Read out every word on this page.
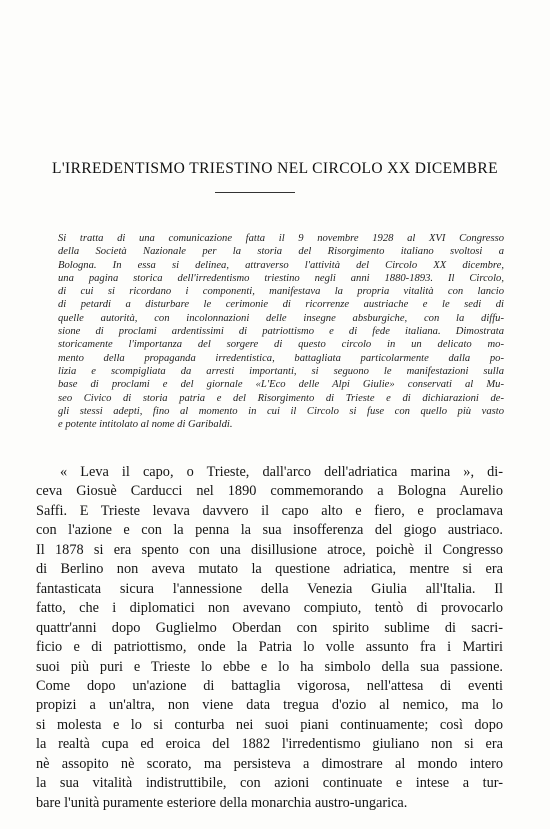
L'IRREDENTISMO TRIESTINO NEL CIRCOLO XX DICEMBRE
Si tratta di una comunicazione fatta il 9 novembre 1928 al XVI Congresso
della Società Nazionale per la storia del Risorgimento italiano svoltosi a
Bologna. In essa si delinea, attraverso l'attività del Circolo XX dicembre,
una pagina storica dell'irredentismo triestino negli anni 1880-1893. Il Circolo,
di cui si ricordano i componenti, manifestava la propria vitalità con lancio
di petardi a disturbare le cerimonie di ricorrenze austriache e le sedi di
quelle autorità, con incolonnazioni delle insegne absburgiche, con la diffu-
sione di proclami ardentissimi di patriottismo e di fede italiana. Dimostrata
storicamente l'importanza del sorgere di questo circolo in un delicato mo-
mento della propaganda irredentistica, battagliata particolarmente dalla po-
lizia e scompigliata da arresti importanti, si seguono le manifestazioni sulla
base di proclami e del giornale «L'Eco delle Alpi Giulie» conservati al Mu-
seo Civico di storia patria e del Risorgimento di Trieste e di dichiarazioni de-
gli stessi adepti, fino al momento in cui il Circolo si fuse con quello più vasto
e potente intitolato al nome di Garibaldi.
« Leva il capo, o Trieste, dall'arco dell'adriatica marina », di-
ceva Giosuè Carducci nel 1890 commemorando a Bologna Aurelio
Saffi. E Trieste levava davvero il capo alto e fiero, e proclamava
con l'azione e con la penna la sua insofferenza del giogo austriaco.
Il 1878 si era spento con una disillusione atroce, poichè il Congresso
di Berlino non aveva mutato la questione adriatica, mentre si era
fantasticata sicura l'annessione della Venezia Giulia all'Italia. Il
fatto, che i diplomatici non avevano compiuto, tentò di provocarlo
quattr'anni dopo Guglielmo Oberdan con spirito sublime di sacri-
ficio e di patriottismo, onde la Patria lo volle assunto fra i Martiri
suoi più puri e Trieste lo ebbe e lo ha simbolo della sua passione.
Come dopo un'azione di battaglia vigorosa, nell'attesa di eventi
propizi a un'altra, non viene data tregua d'ozio al nemico, ma lo
si molesta e lo si conturba nei suoi piani continuamente; così dopo
la realtà cupa ed eroica del 1882 l'irredentismo giuliano non si era
nè assopito nè scorato, ma persisteva a dimostrare al mondo intero
la sua vitalità indistruttibile, con azioni continuate e intese a tur-
bare l'unità puramente esteriore della monarchia austro-ungarica.
